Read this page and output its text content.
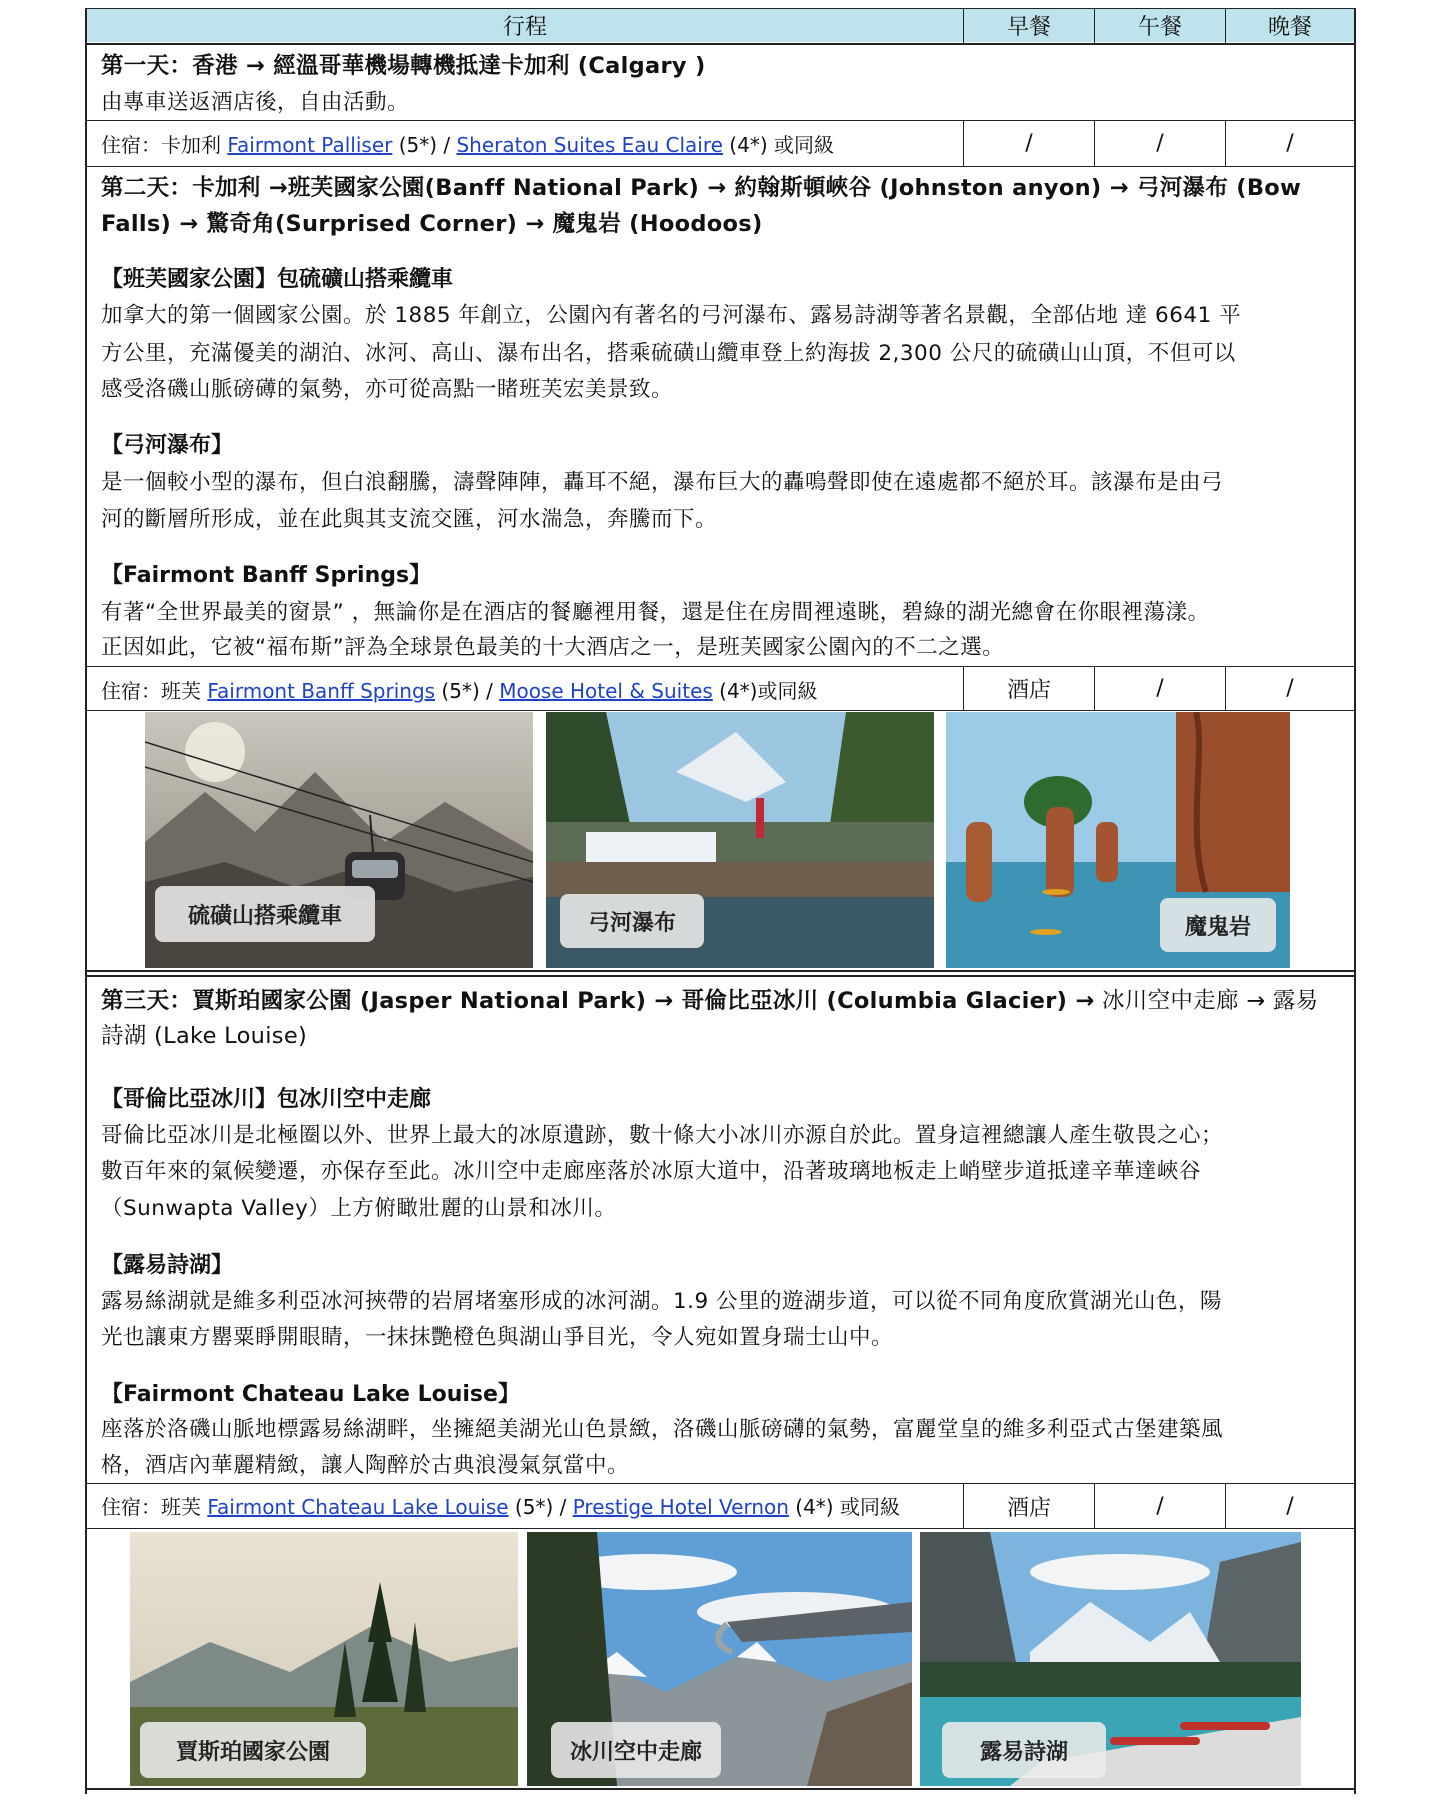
行程	早餐	午餐	晚餐
第一天：香港 → 經溫哥華機場轉機抵達卡加利 (Calgary )
由專車送返酒店後，自由活動。
住宿：卡加利 Fairmont Palliser (5*) / Sheraton Suites Eau Claire (4*) 或同級	/	/	/
第二天：卡加利 →班芙國家公園(Banff National Park) → 約翰斯頓峽谷 (Johnston anyon) → 弓河瀑布 (Bow
Falls) → 驚奇角(Surprised Corner) → 魔鬼岩 (Hoodoos)
【班芙國家公園】包硫礦山搭乘纜車
加拿大的第一個國家公園。於 1885 年創立，公園內有著名的弓河瀑布、露易詩湖等著名景觀，全部佔地 達 6641 平
方公里，充滿優美的湖泊、冰河、高山、瀑布出名，搭乘硫磺山纜車登上約海拔 2,300 公尺的硫磺山山頂，不但可以
感受洛磯山脈磅礡的氣勢，亦可從高點一睹班芙宏美景致。
【弓河瀑布】
是一個較小型的瀑布，但白浪翻騰，濤聲陣陣，轟耳不絕，瀑布巨大的轟鳴聲即使在遠處都不絕於耳。該瀑布是由弓
河的斷層所形成，並在此與其支流交匯，河水湍急，奔騰而下。
【Fairmont Banff Springs】
有著“全世界最美的窗景” ，無論你是在酒店的餐廳裡用餐，還是住在房間裡遠眺，碧綠的湖光總會在你眼裡蕩漾。
正因如此，它被“福布斯”評為全球景色最美的十大酒店之一，是班芙國家公園內的不二之選。
住宿：班芙 Fairmont Banff Springs (5*) / Moose Hotel & Suites (4*)或同級	酒店	/	/
硫磺山搭乘纜車	弓河瀑布	魔鬼岩
第三天：賈斯珀國家公園 (Jasper National Park) → 哥倫比亞冰川 (Columbia Glacier) → 冰川空中走廊 → 露易
詩湖 (Lake Louise)
【哥倫比亞冰川】包冰川空中走廊
哥倫比亞冰川是北極圈以外、世界上最大的冰原遺跡，數十條大小冰川亦源自於此。置身這裡總讓人產生敬畏之心；
數百年來的氣候變遷，亦保存至此。冰川空中走廊座落於冰原大道中，沿著玻璃地板走上峭壁步道抵達辛華達峽谷
（Sunwapta Valley）上方俯瞰壯麗的山景和冰川。
【露易詩湖】
露易絲湖就是維多利亞冰河挾帶的岩屑堵塞形成的冰河湖。1.9 公里的遊湖步道，可以從不同角度欣賞湖光山色，陽
光也讓東方罌粟睜開眼睛，一抹抹艷橙色與湖山爭目光，令人宛如置身瑞士山中。
【Fairmont Chateau Lake Louise】
座落於洛磯山脈地標露易絲湖畔，坐擁絕美湖光山色景緻，洛磯山脈磅礴的氣勢，富麗堂皇的維多利亞式古堡建築風
格，酒店內華麗精緻，讓人陶醉於古典浪漫氣氛當中。
住宿：班芙 Fairmont Chateau Lake Louise (5*) / Prestige Hotel Vernon (4*) 或同級	酒店	/	/
賈斯珀國家公園	冰川空中走廊	露易詩湖
